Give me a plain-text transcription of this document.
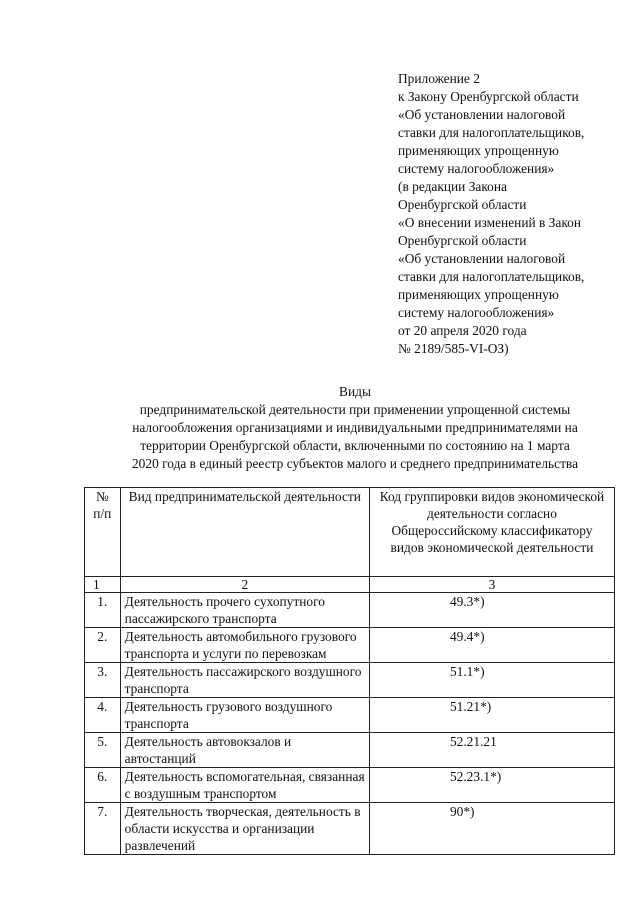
Приложение 2
к Закону Оренбургской области
«Об установлении налоговой
ставки для налогоплательщиков,
применяющих упрощенную
систему налогообложения»
(в редакции Закона
Оренбургской области
«О внесении изменений в Закон
Оренбургской области
«Об установлении налоговой
ставки для налогоплательщиков,
применяющих упрощенную
систему налогообложения»
от 20 апреля 2020 года
№ 2189/585-VI-ОЗ)
Виды
предпринимательской деятельности при применении упрощенной системы
налогообложения организациями и индивидуальными предпринимателями на
территории Оренбургской области, включенными по состоянию на 1 марта
2020 года в единый реестр субъектов малого и среднего предпринимательства
№
п/п	Вид предпринимательской деятельности	Код группировки видов экономической деятельности согласно Общероссийскому классификатору видов экономической деятельности
1	2	3
1.	Деятельность прочего сухопутного пассажирского транспорта	49.3*)
2.	Деятельность автомобильного грузового транспорта и услуги по перевозкам	49.4*)
3.	Деятельность пассажирского воздушного транспорта	51.1*)
4.	Деятельность грузового воздушного транспорта	51.21*)
5.	Деятельность автовокзалов и автостанций	52.21.21
6.	Деятельность вспомогательная, связанная с воздушным транспортом	52.23.1*)
7.	Деятельность творческая, деятельность в области искусства и организации развлечений	90*)
